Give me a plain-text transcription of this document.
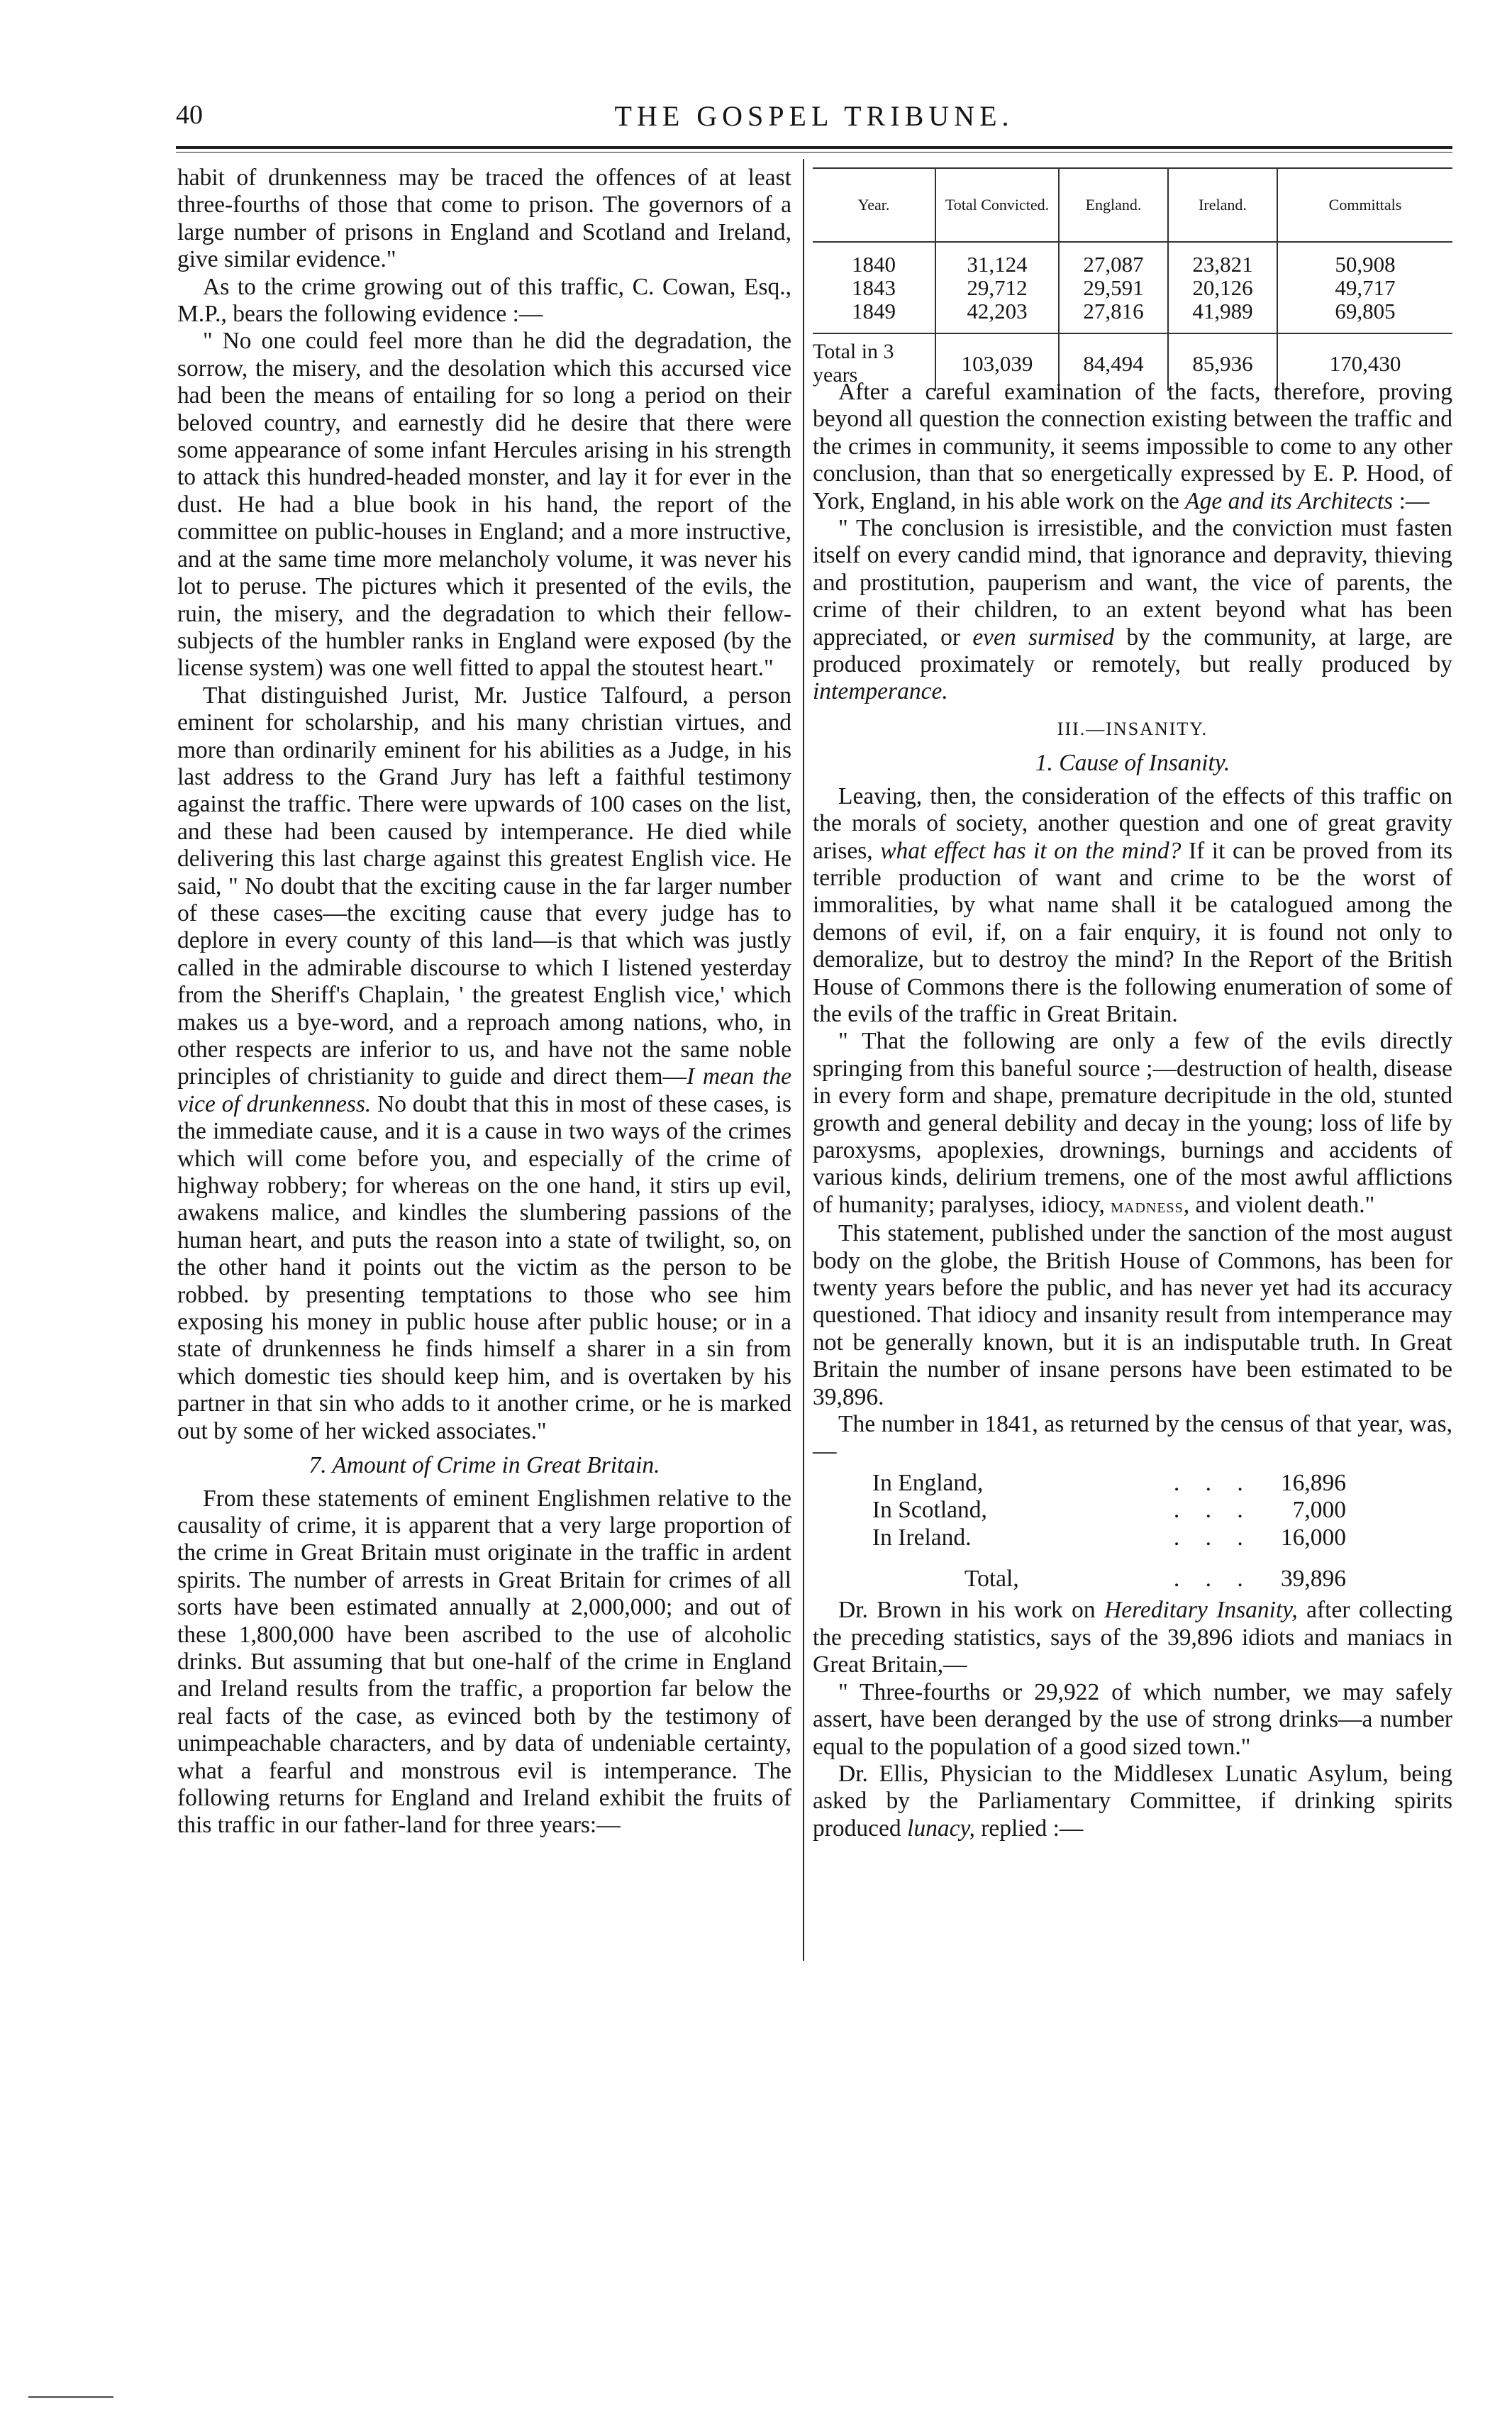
40	THE GOSPEL TRIBUNE.

habit of drunkenness may be traced the offences of at least three-fourths of those that come to prison. The governors of a large number of prisons in England and Scotland and Ireland, give similar evidence."

As to the crime growing out of this traffic, C. Cowan, Esq., M.P., bears the following evidence :—

" No one could feel more than he did the degradation, the sorrow, the misery, and the desolation which this accursed vice had been the means of entailing for so long a period on their beloved country, and earnestly did he desire that there were some appearance of some infant Hercules arising in his strength to attack this hundred-headed monster, and lay it for ever in the dust. He had a blue book in his hand, the report of the committee on public-houses in England; and a more instructive, and at the same time more melancholy volume, it was never his lot to peruse. The pictures which it presented of the evils, the ruin, the misery, and the degradation to which their fellow-subjects of the humbler ranks in England were exposed (by the license system) was one well fitted to appal the stoutest heart."

That distinguished Jurist, Mr. Justice Talfourd, a person eminent for scholarship, and his many christian virtues, and more than ordinarily eminent for his abilities as a Judge, in his last address to the Grand Jury has left a faithful testimony against the traffic. There were upwards of 100 cases on the list, and these had been caused by intemperance. He died while delivering this last charge against this greatest English vice. He said, " No doubt that the exciting cause in the far larger number of these cases—the exciting cause that every judge has to deplore in every county of this land—is that which was justly called in the admirable discourse to which I listened yesterday from the Sheriff's Chaplain, ' the greatest English vice,' which makes us a bye-word, and a reproach among nations, who, in other respects are inferior to us, and have not the same noble principles of christianity to guide and direct them—I mean the vice of drunkenness. No doubt that this in most of these cases, is the immediate cause, and it is a cause in two ways of the crimes which will come before you, and especially of the crime of highway robbery; for whereas on the one hand, it stirs up evil, awakens malice, and kindles the slumbering passions of the human heart, and puts the reason into a state of twilight, so, on the other hand it points out the victim as the person to be robbed. by presenting temptations to those who see him exposing his money in public house after public house; or in a state of drunkenness he finds himself a sharer in a sin from which domestic ties should keep him, and is overtaken by his partner in that sin who adds to it another crime, or he is marked out by some of her wicked associates."

7. Amount of Crime in Great Britain.

From these statements of eminent Englishmen relative to the causality of crime, it is apparent that a very large proportion of the crime in Great Britain must originate in the traffic in ardent spirits. The number of arrests in Great Britain for crimes of all sorts have been estimated annually at 2,000,000; and out of these 1,800,000 have been ascribed to the use of alcoholic drinks. But assuming that but one-half of the crime in England and Ireland results from the traffic, a proportion far below the real facts of the case, as evinced both by the testimony of unimpeachable characters, and by data of undeniable certainty, what a fearful and monstrous evil is intemperance. The following returns for England and Ireland exhibit the fruits of this traffic in our father-land for three years:—

Year.	Total Convicted.	England.	Ireland.	Committals
1840	31,124	27,087	23,821	50,908
1843	29,712	29,591	20,126	49,717
1849	42,203	27,816	41,989	69,805
Total in 3 years	103,039	84,494	85,936	170,430

After a careful examination of the facts, therefore, proving beyond all question the connection existing between the traffic and the crimes in community, it seems impossible to come to any other conclusion, than that so energetically expressed by E. P. Hood, of York, England, in his able work on the Age and its Architects :—

" The conclusion is irresistible, and the conviction must fasten itself on every candid mind, that ignorance and depravity, thieving and prostitution, pauperism and want, the vice of parents, the crime of their children, to an extent beyond what has been appreciated, or even surmised by the community, at large, are produced proximately or remotely, but really produced by intemperance.

III.—INSANITY.
1. Cause of Insanity.

Leaving, then, the consideration of the effects of this traffic on the morals of society, another question and one of great gravity arises, what effect has it on the mind? If it can be proved from its terrible production of want and crime to be the worst of immoralities, by what name shall it be catalogued among the demons of evil, if, on a fair enquiry, it is found not only to demoralize, but to destroy the mind? In the Report of the British House of Commons there is the following enumeration of some of the evils of the traffic in Great Britain.

" That the following are only a few of the evils directly springing from this baneful source ;—destruction of health, disease in every form and shape, premature decripitude in the old, stunted growth and general debility and decay in the young; loss of life by paroxysms, apoplexies, drownings, burnings and accidents of various kinds, delirium tremens, one of the most awful afflictions of humanity; paralyses, idiocy, madness, and violent death."

This statement, published under the sanction of the most august body on the globe, the British House of Commons, has been for twenty years before the public, and has never yet had its accuracy questioned. That idiocy and insanity result from intemperance may not be generally known, but it is an indisputable truth. In Great Britain the number of insane persons have been estimated to be 39,896.

The number in 1841, as returned by the census of that year, was,—

In England,	. . .	16,896
In Scotland,	. . .	7,000
In Ireland.	. . .	16,000
Total,	. . .	39,896

Dr. Brown in his work on Hereditary Insanity, after collecting the preceding statistics, says of the 39,896 idiots and maniacs in Great Britain,—

" Three-fourths or 29,922 of which number, we may safely assert, have been deranged by the use of strong drinks—a number equal to the population of a good sized town."

Dr. Ellis, Physician to the Middlesex Lunatic Asylum, being asked by the Parliamentary Committee, if drinking spirits produced lunacy, replied :—
